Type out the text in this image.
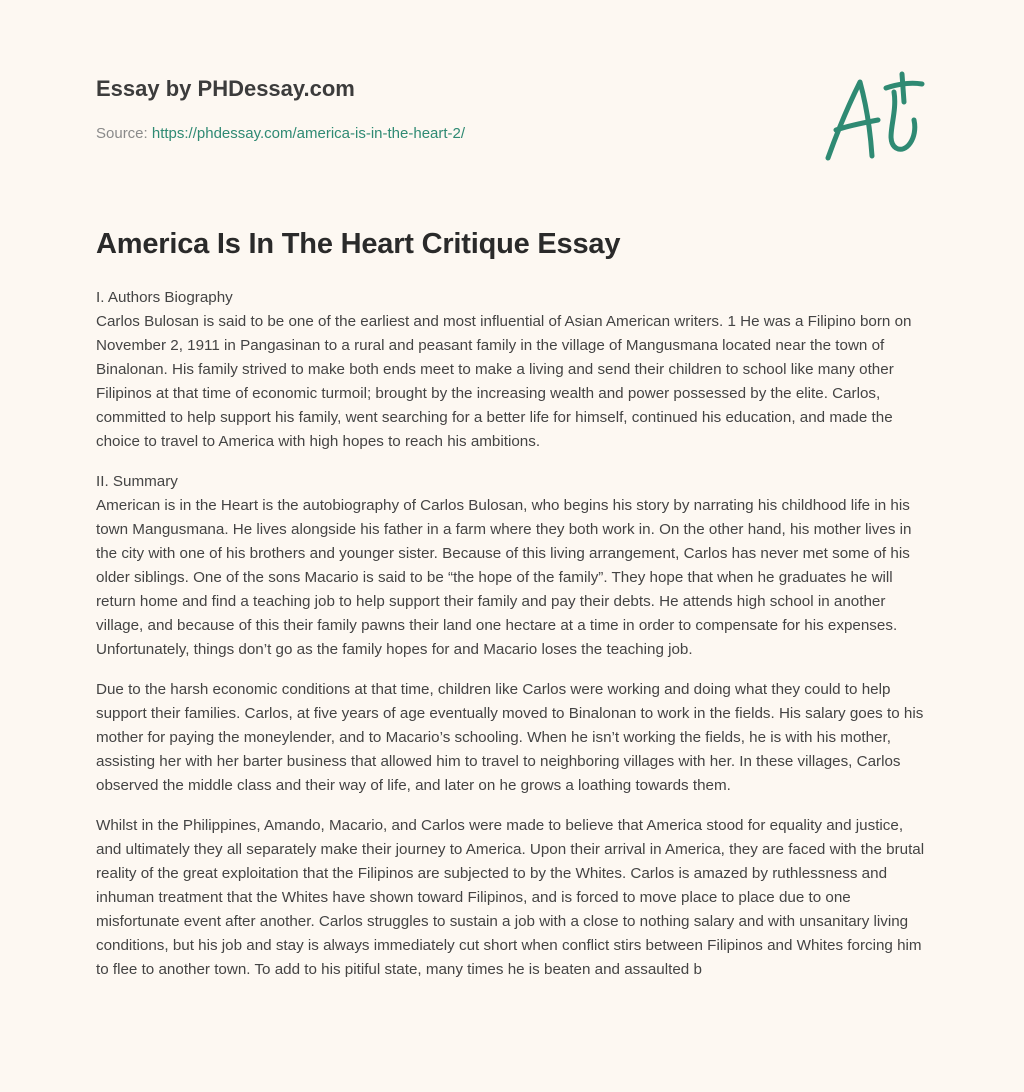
Essay by PHDessay.com
Source: https://phdessay.com/america-is-in-the-heart-2/
America Is In The Heart Critique Essay

I. Authors Biography
Carlos Bulosan is said to be one of the earliest and most influential of Asian American writers. 1 He was a Filipino born on November 2, 1911 in Pangasinan to a rural and peasant family in the village of Mangusmana located near the town of Binalonan. His family strived to make both ends meet to make a living and send their children to school like many other Filipinos at that time of economic turmoil; brought by the increasing wealth and power possessed by the elite. Carlos, committed to help support his family, went searching for a better life for himself, continued his education, and made the choice to travel to America with high hopes to reach his ambitions.

II. Summary
American is in the Heart is the autobiography of Carlos Bulosan, who begins his story by narrating his childhood life in his town Mangusmana. He lives alongside his father in a farm where they both work in. On the other hand, his mother lives in the city with one of his brothers and younger sister. Because of this living arrangement, Carlos has never met some of his older siblings. One of the sons Macario is said to be “the hope of the family”. They hope that when he graduates he will return home and find a teaching job to help support their family and pay their debts. He attends high school in another village, and because of this their family pawns their land one hectare at a time in order to compensate for his expenses. Unfortunately, things don’t go as the family hopes for and Macario loses the teaching job.

Due to the harsh economic conditions at that time, children like Carlos were working and doing what they could to help support their families. Carlos, at five years of age eventually moved to Binalonan to work in the fields. His salary goes to his mother for paying the moneylender, and to Macario’s schooling. When he isn’t working the fields, he is with his mother, assisting her with her barter business that allowed him to travel to neighboring villages with her. In these villages, Carlos observed the middle class and their way of life, and later on he grows a loathing towards them.

Whilst in the Philippines, Amando, Macario, and Carlos were made to believe that America stood for equality and justice, and ultimately they all separately make their journey to America. Upon their arrival in America, they are faced with the brutal reality of the great exploitation that the Filipinos are subjected to by the Whites. Carlos is amazed by ruthlessness and inhuman treatment that the Whites have shown toward Filipinos, and is forced to move place to place due to one misfortunate event after another. Carlos struggles to sustain a job with a close to nothing salary and with unsanitary living conditions, but his job and stay is always immediately cut short when conflict stirs between Filipinos and Whites forcing him to flee to another town. To add to his pitiful state, many times he is beaten and assaulted b
